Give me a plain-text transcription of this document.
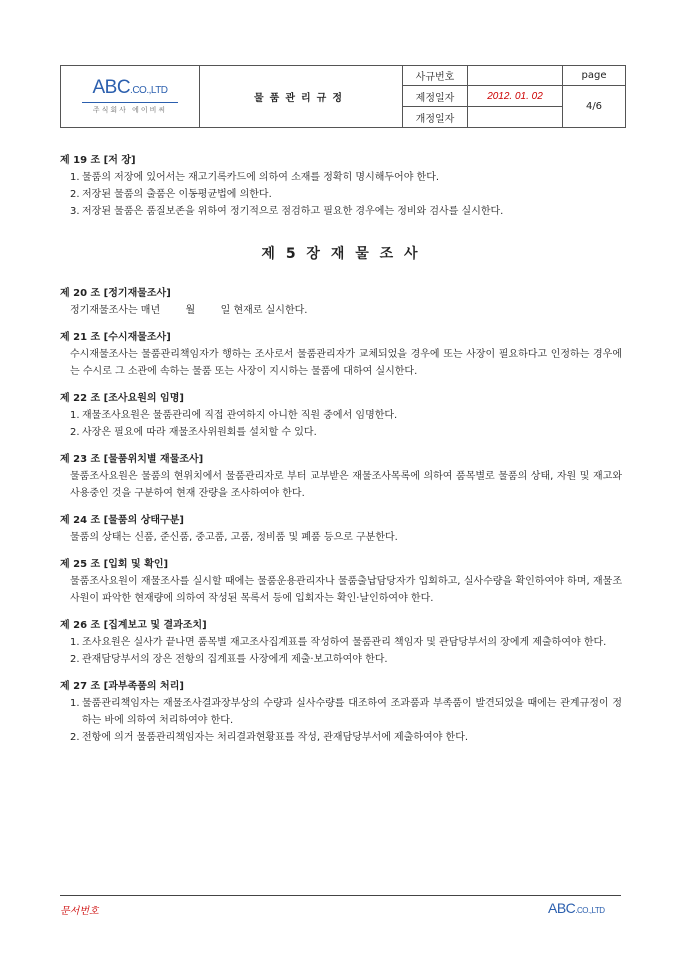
ABC.CO.,LTD
주식회사 에이비씨	물품관리규정	사규번호		page
		제정일자	2012. 01. 02	4/6
		개정일자		
제 19 조 [저 장]
1. 물품의 저장에 있어서는 재고기록카드에 의하여 소재를 정확히 명시해두어야 한다.
2. 저장된 물품의 출품은 이동평균법에 의한다.
3. 저장된 물품은 품질보존을 위하여 정기적으로 점검하고 필요한 경우에는 정비와 검사를 실시한다.
제 5 장 재 물 조 사
제 20 조 [정기재물조사]
정기재물조사는 매년        월        일 현재로 실시한다.
제 21 조 [수시재물조사]
수시재물조사는 물품관리책임자가 행하는 조사로서 물품관리자가 교체되었을 경우에 또는 사장이 필요하다고 인정하는 경우에는 수시로 그 소관에 속하는 물품 또는 사장이 지시하는 물품에 대하여 실시한다.
제 22 조 [조사요원의 임명]
1. 재물조사요원은 물품관리에 직접 관여하지 아니한 직원 중에서 임명한다.
2. 사장은 필요에 따라 재물조사위원회를 설치할 수 있다.
제 23 조 [물품위치별 재물조사]
물품조사요원은 물품의 현위치에서 물품관리자로 부터 교부받은 재물조사목록에 의하여 품목별로 물품의 상태, 자원 및 재고와 사용중인 것을 구분하여 현재 잔량을 조사하여야 한다.
제 24 조 [물품의 상태구분]
물품의 상태는 신품, 준신품, 중고품, 고품, 정비품 및 폐품 등으로 구분한다.
제 25 조 [입회 및 확인]
물품조사요원이 재물조사를 실시할 때에는 물품운용관리자나 물품출납담당자가 입회하고, 실사수량을 확인하여야 하며, 재물조사원이 파악한 현재량에 의하여 작성된 목록서 등에 입회자는 확인·날인하여야 한다.
제 26 조 [집계보고 및 결과조치]
1. 조사요원은 실사가 끝나면 품목별 재고조사집계표를 작성하여 물품관리 책임자 및 관담당부서의 장에게 제출하여야 한다.
2. 관재담당부서의 장은 전항의 집계표를 사장에게 제출·보고하여야 한다.
제 27 조 [과부족품의 처리]
1. 물품관리책임자는 재물조사결과장부상의 수량과 실사수량를 대조하여 조과품과 부족품이 발견되었을 때에는 관계규정이 정하는 바에 의하여 처리하여야 한다.
2. 전항에 의거 물품관리책임자는 처리결과현황표를 작성, 관재담당부서에 제출하여야 한다.
문서번호	ABC.CO.,LTD
